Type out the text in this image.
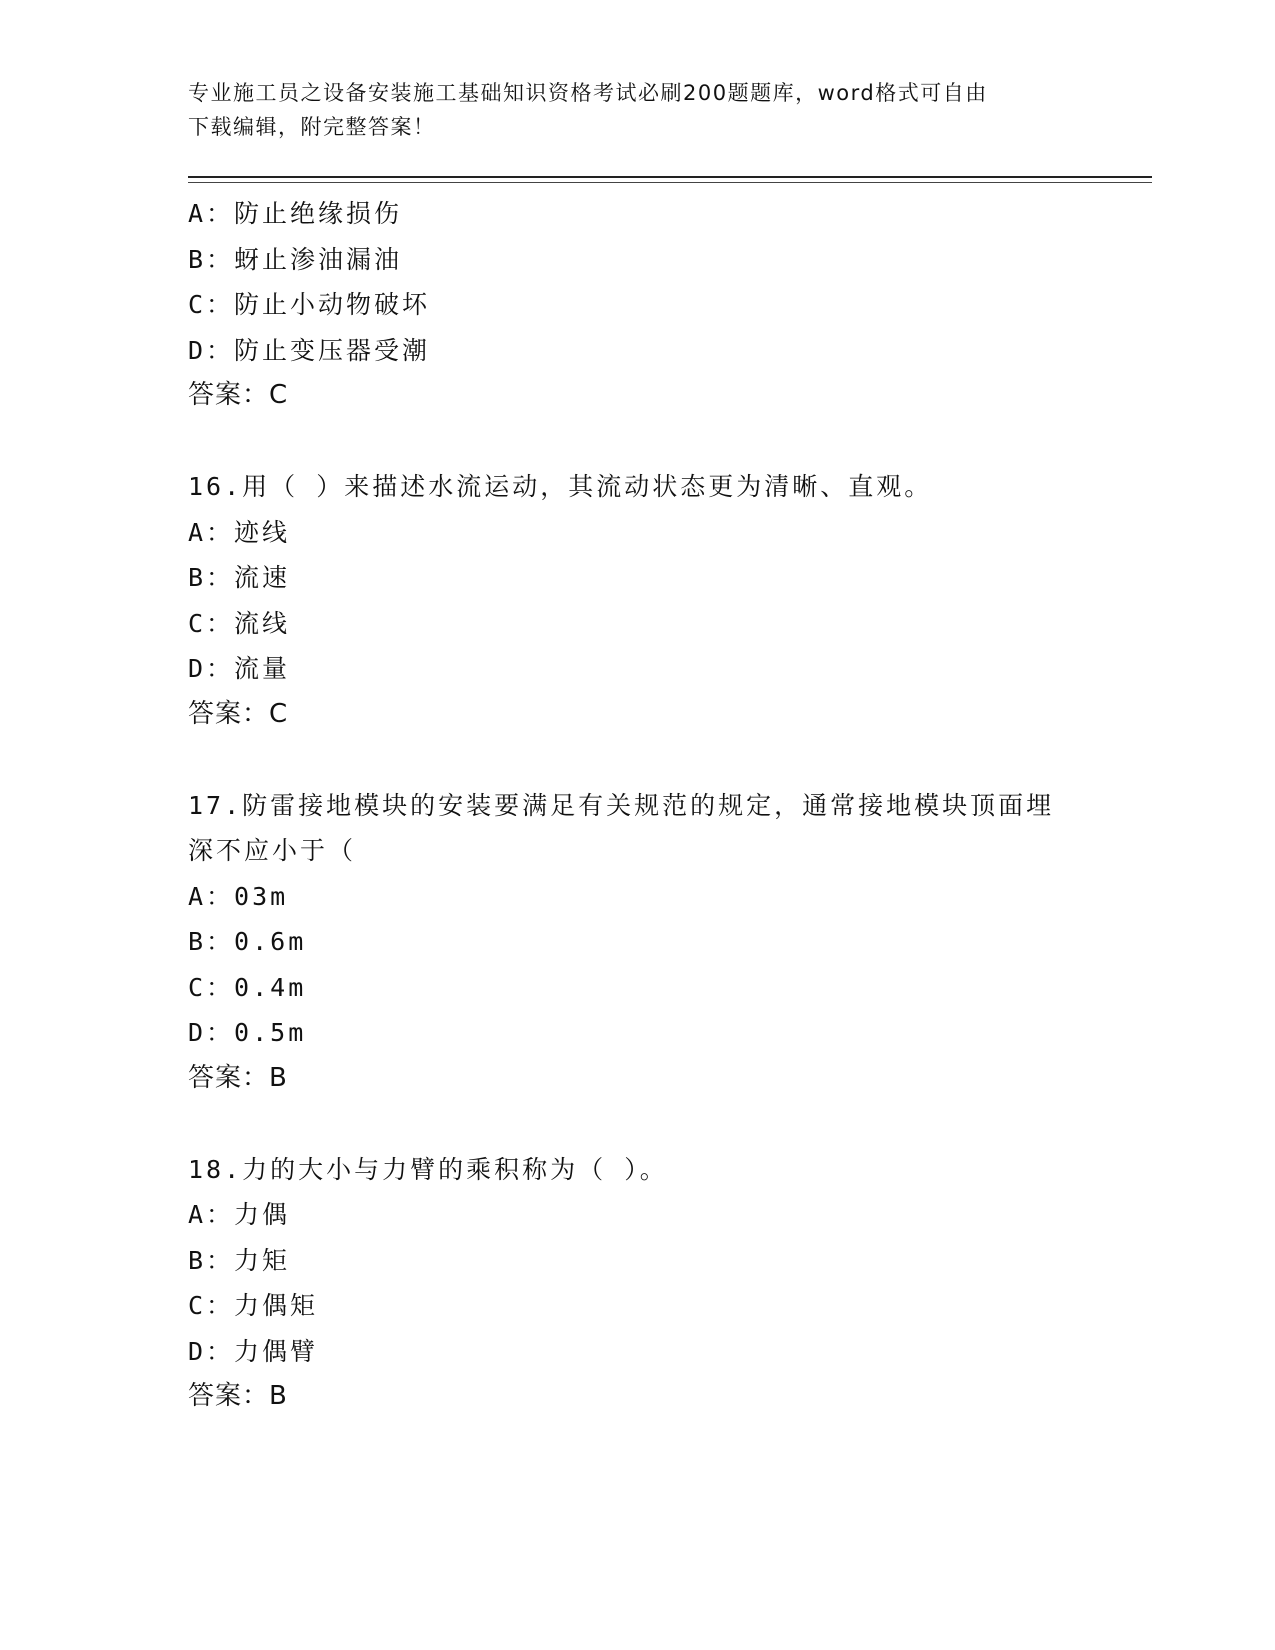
专业施工员之设备安装施工基础知识资格考试必刷200题题库，word格式可自由
下载编辑，附完整答案！
A：防止绝缘损伤
B：蚜止渗油漏油
C：防止小动物破坏
D：防止变压器受潮
答案：C
16.用（ ）来描述水流运动，其流动状态更为清晰、直观。
A：迹线
B：流速
C：流线
D：流量
答案：C
17.防雷接地模块的安装要满足有关规范的规定，通常接地模块顶面埋
深不应小于（
A：03m
B：0.6m
C：0.4m
D：0.5m
答案：B
18.力的大小与力臂的乘积称为（ ）。
A：力偶
B：力矩
C：力偶矩
D：力偶臂
答案：B
